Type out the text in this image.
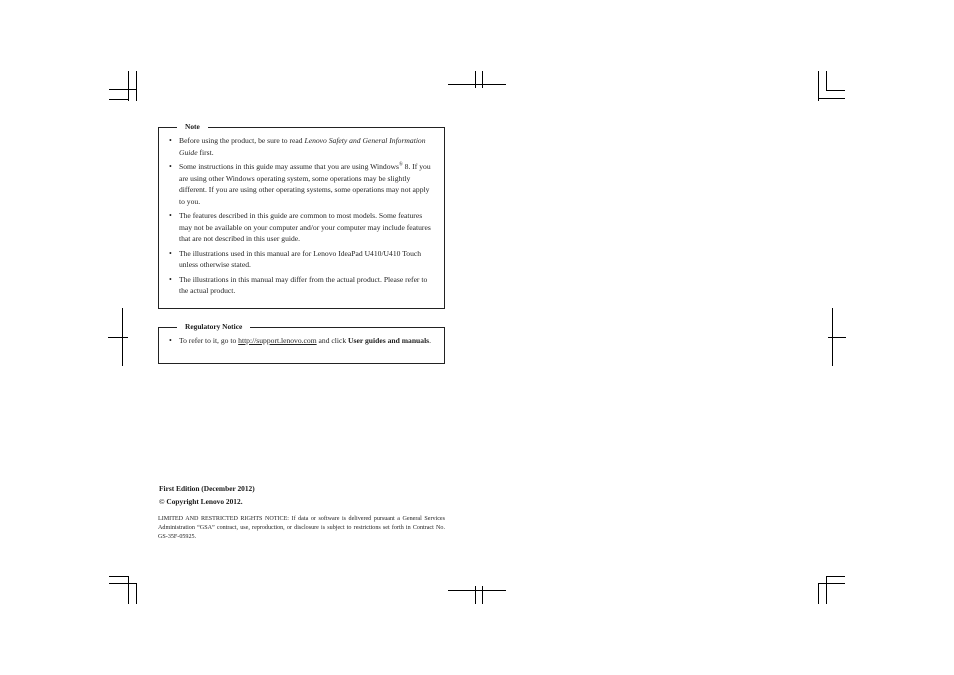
Note
• Before using the product, be sure to read Lenovo Safety and General Information Guide first.
• Some instructions in this guide may assume that you are using Windows® 8. If you are using other Windows operating system, some operations may be slightly different. If you are using other operating systems, some operations may not apply to you.
• The features described in this guide are common to most models. Some features may not be available on your computer and/or your computer may include features that are not described in this user guide.
• The illustrations used in this manual are for Lenovo IdeaPad U410/U410 Touch unless otherwise stated.
• The illustrations in this manual may differ from the actual product. Please refer to the actual product.
Regulatory Notice
• To refer to it, go to http://support.lenovo.com and click User guides and manuals.
First Edition (December 2012)
© Copyright Lenovo 2012.
LIMITED AND RESTRICTED RIGHTS NOTICE: If data or software is delivered pursuant a General Services Administration “GSA” contract, use, reproduction, or disclosure is subject to restrictions set forth in Contract No. GS-35F-05925.
